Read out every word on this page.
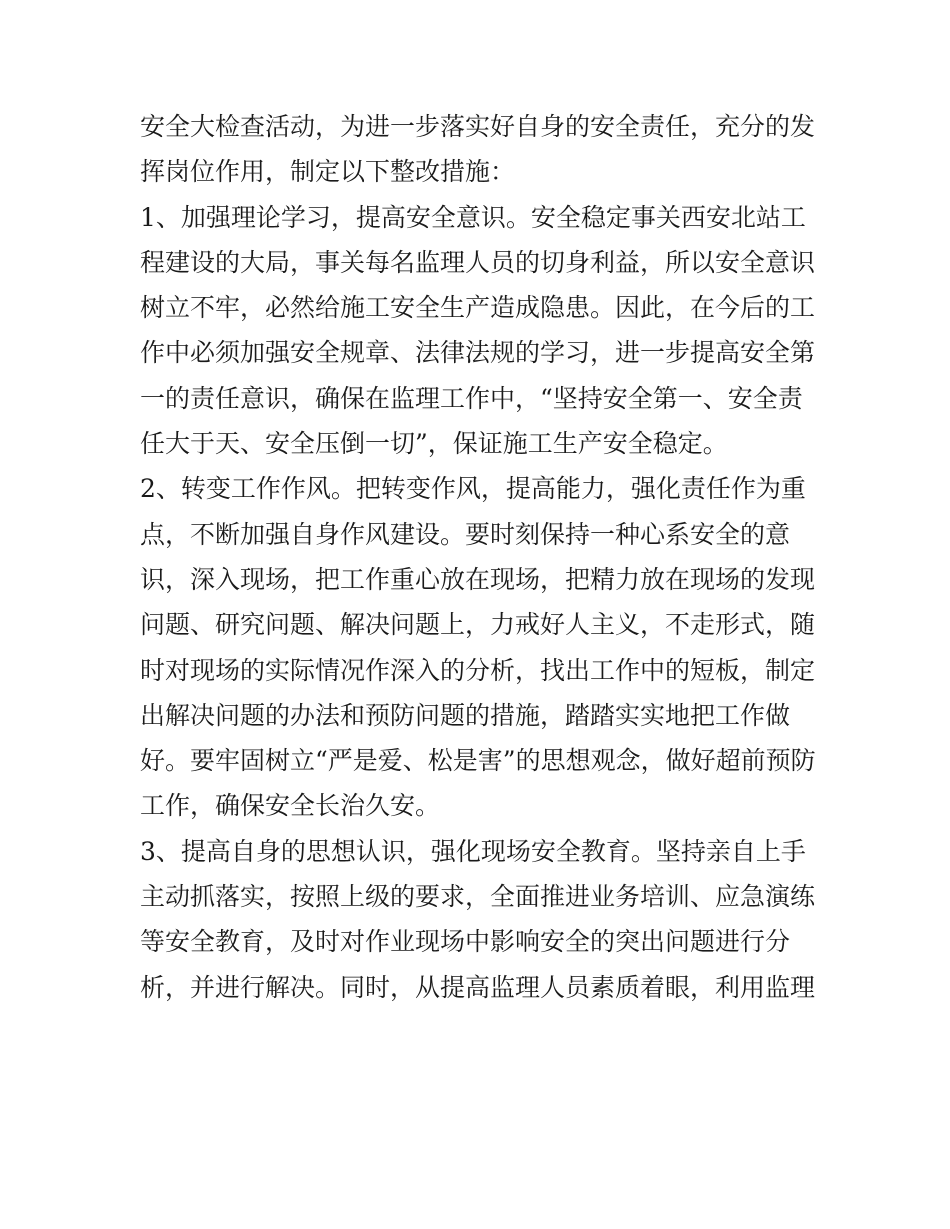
安全大检查活动，为进一步落实好自身的安全责任，充分的发
挥岗位作用，制定以下整改措施：
1、加强理论学习，提高安全意识。安全稳定事关西安北站工
程建设的大局，事关每名监理人员的切身利益，所以安全意识
树立不牢，必然给施工安全生产造成隐患。因此，在今后的工
作中必须加强安全规章、法律法规的学习，进一步提高安全第
一的责任意识，确保在监理工作中，“坚持安全第一、安全责
任大于天、安全压倒一切”，保证施工生产安全稳定。
2、转变工作作风。把转变作风，提高能力，强化责任作为重
点，不断加强自身作风建设。要时刻保持一种心系安全的意
识，深入现场，把工作重心放在现场，把精力放在现场的发现
问题、研究问题、解决问题上，力戒好人主义，不走形式，随
时对现场的实际情况作深入的分析，找出工作中的短板，制定
出解决问题的办法和预防问题的措施，踏踏实实地把工作做
好。要牢固树立“严是爱、松是害”的思想观念，做好超前预防
工作，确保安全长治久安。
3、提高自身的思想认识，强化现场安全教育。坚持亲自上手
主动抓落实，按照上级的要求，全面推进业务培训、应急演练
等安全教育，及时对作业现场中影响安全的突出问题进行分
析，并进行解决。同时，从提高监理人员素质着眼，利用监理
